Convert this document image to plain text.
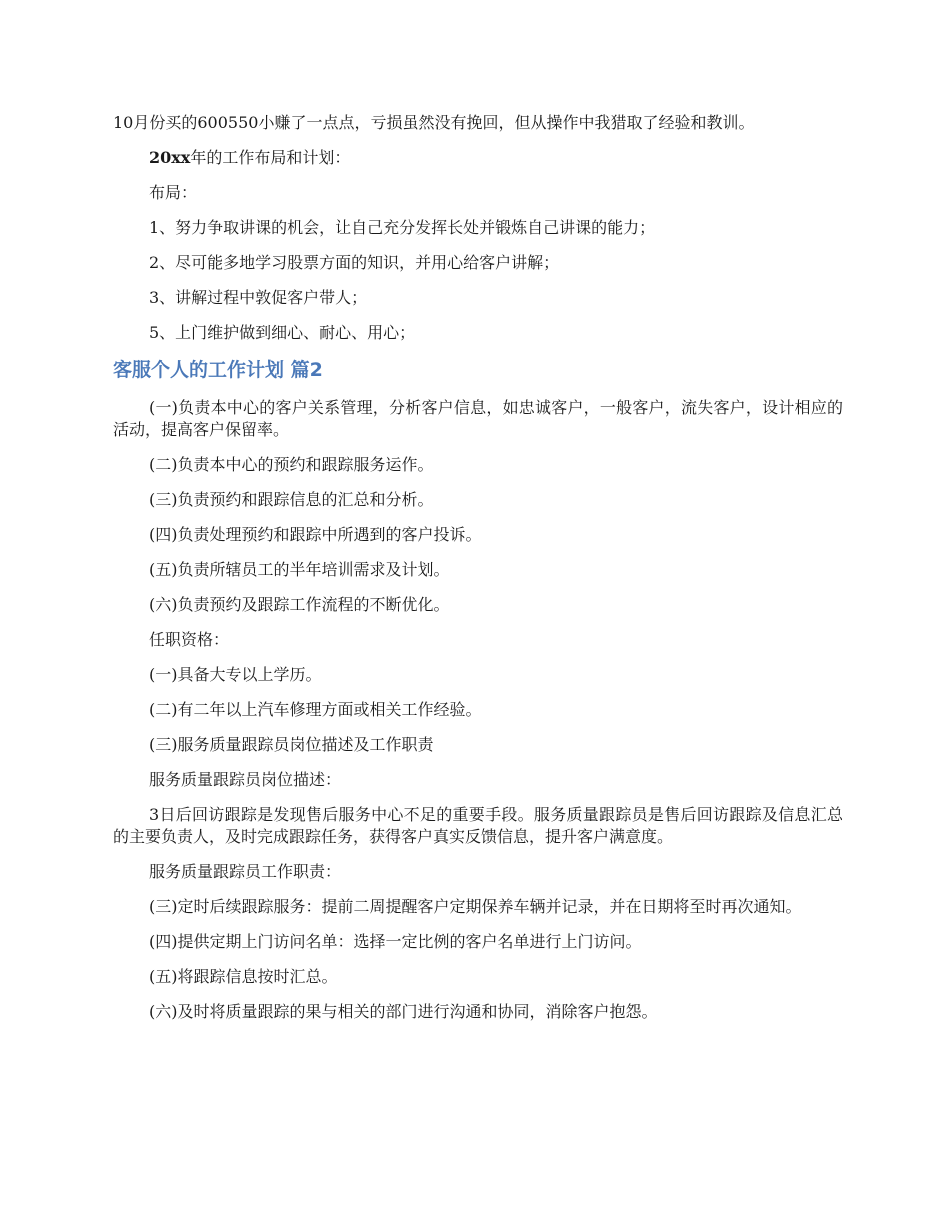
10月份买的600550小赚了一点点，亏损虽然没有挽回，但从操作中我猎取了经验和教训。

20xx年的工作布局和计划：

布局：

1、努力争取讲课的机会，让自己充分发挥长处并锻炼自己讲课的能力；

2、尽可能多地学习股票方面的知识，并用心给客户讲解；

3、讲解过程中敦促客户带人；

5、上门维护做到细心、耐心、用心；

客服个人的工作计划 篇2

(一)负责本中心的客户关系管理，分析客户信息，如忠诚客户，一般客户，流失客户，设计相应的活动，提高客户保留率。

(二)负责本中心的预约和跟踪服务运作。

(三)负责预约和跟踪信息的汇总和分析。

(四)负责处理预约和跟踪中所遇到的客户投诉。

(五)负责所辖员工的半年培训需求及计划。

(六)负责预约及跟踪工作流程的不断优化。

任职资格：

(一)具备大专以上学历。

(二)有二年以上汽车修理方面或相关工作经验。

(三)服务质量跟踪员岗位描述及工作职责

服务质量跟踪员岗位描述：

3日后回访跟踪是发现售后服务中心不足的重要手段。服务质量跟踪员是售后回访跟踪及信息汇总的主要负责人，及时完成跟踪任务，获得客户真实反馈信息，提升客户满意度。

服务质量跟踪员工作职责：

(三)定时后续跟踪服务：提前二周提醒客户定期保养车辆并记录，并在日期将至时再次通知。

(四)提供定期上门访问名单：选择一定比例的客户名单进行上门访问。

(五)将跟踪信息按时汇总。

(六)及时将质量跟踪的果与相关的部门进行沟通和协同，消除客户抱怨。
